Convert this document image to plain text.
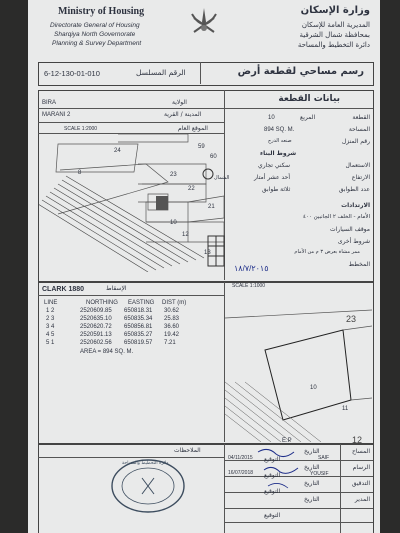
Ministry of Housing
Directorate General of Housing
Sharqiya North Governorate
Planning & Survey Department
وزارة الإسكان
المديرية العامة للإسكان
بمحافظة شمال الشرقية
دائرة التخطيط والمساحة
6-12-130-01-010	الرقم المسلسل	رسم مساحي لقطعة أرض
بيانات القطعة
BIRA	الولاية
MARANI 2	المدينة / القرية
SCALE 1:2000	الموقع العام
59
60
24
23
22
21
8
10
12
13
الشمال
القطعة
10	المربع
المساحة
894 SQ. M.
رقم المنزل
صنعه الدرج
شروط البناء
الاستعمال
سكني تجاري
الارتفاع
أحد عشر أمتار
عدد الطوابق
ثلاثة طوابق
الارتدادات
الأمام - الخلف ٢ الجانبين ٤٠٠
موقف السيارات
شروط أخرى
ممر مشاة بعرض ٣ م من الأمام
المخطط
١٨/٧/٢٠١٥
SCALE 1:1000
CLARK 1880	الإسقاط
LINE	NORTHING EASTING DIST (m)
1 2	2520609.85 650818.31 30.62
2 3	2520635.10 650835.34 25.83
3 4	2520620.72 650856.81 36.60
4 5	2520591.13 650835.27 19.42
5 1	2520602.56 650819.57 7.21
AREA = 894 SQ. M.
23
10
11
12
E.P
الملاحظات
دائرة التخطيط والمساحة
المساح
التاريخ
04/11/2015 التوقيع	SAIF
الرسام
التاريخ
16/07/2018 التوقيع	YOUSIF
التدقيق
التاريخ
التوقيع
المدير
التاريخ
التوقيع
